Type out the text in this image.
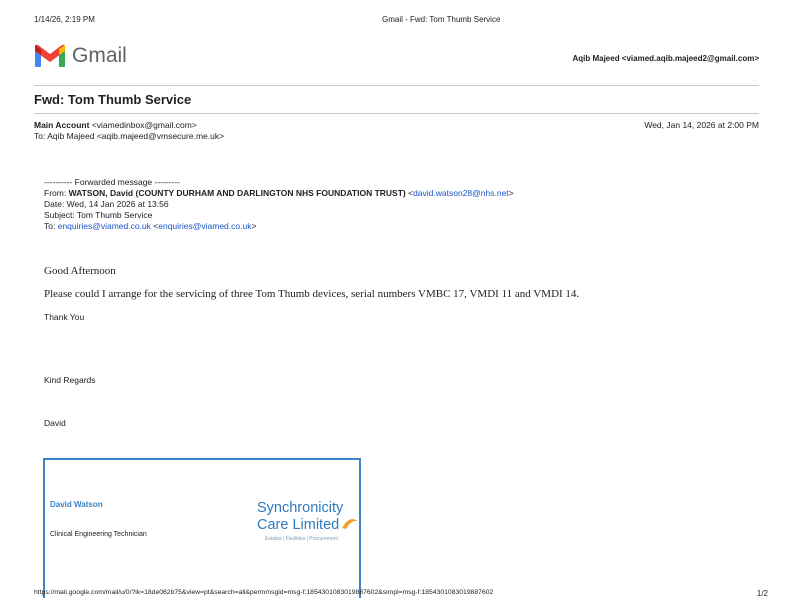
1/14/26, 2:19 PM	Gmail - Fwd: Tom Thumb Service
Gmail	Aqib Majeed <viamed.aqib.majeed2@gmail.com>
Fwd: Tom Thumb Service
Main Account <viamedinbox@gmail.com>
To: Aqib Majeed <aqib.majeed@vmsecure.me.uk>
Wed, Jan 14, 2026 at 2:00 PM
---------- Forwarded message ---------
From: WATSON, David (COUNTY DURHAM AND DARLINGTON NHS FOUNDATION TRUST) <david.watson28@nhs.net>
Date: Wed, 14 Jan 2026 at 13:56
Subject: Tom Thumb Service
To: enquiries@viamed.co.uk <enquiries@viamed.co.uk>
Good Afternoon
Please could I arrange for the servicing of three Tom Thumb devices, serial numbers VMBC 17, VMDI 11 and VMDI 14.
Thank You
Kind Regards
David
David Watson
Clinical Engineering Technician
Synchronicity
Care Limited
Estates | Facilities | Procurement
https://mail.google.com/mail/u/0/?ik=18de062b75&view=pt&search=all&permmsgid=msg-f:1854301083019887602&simpl=msg-f:1854301083019887602	1/2
